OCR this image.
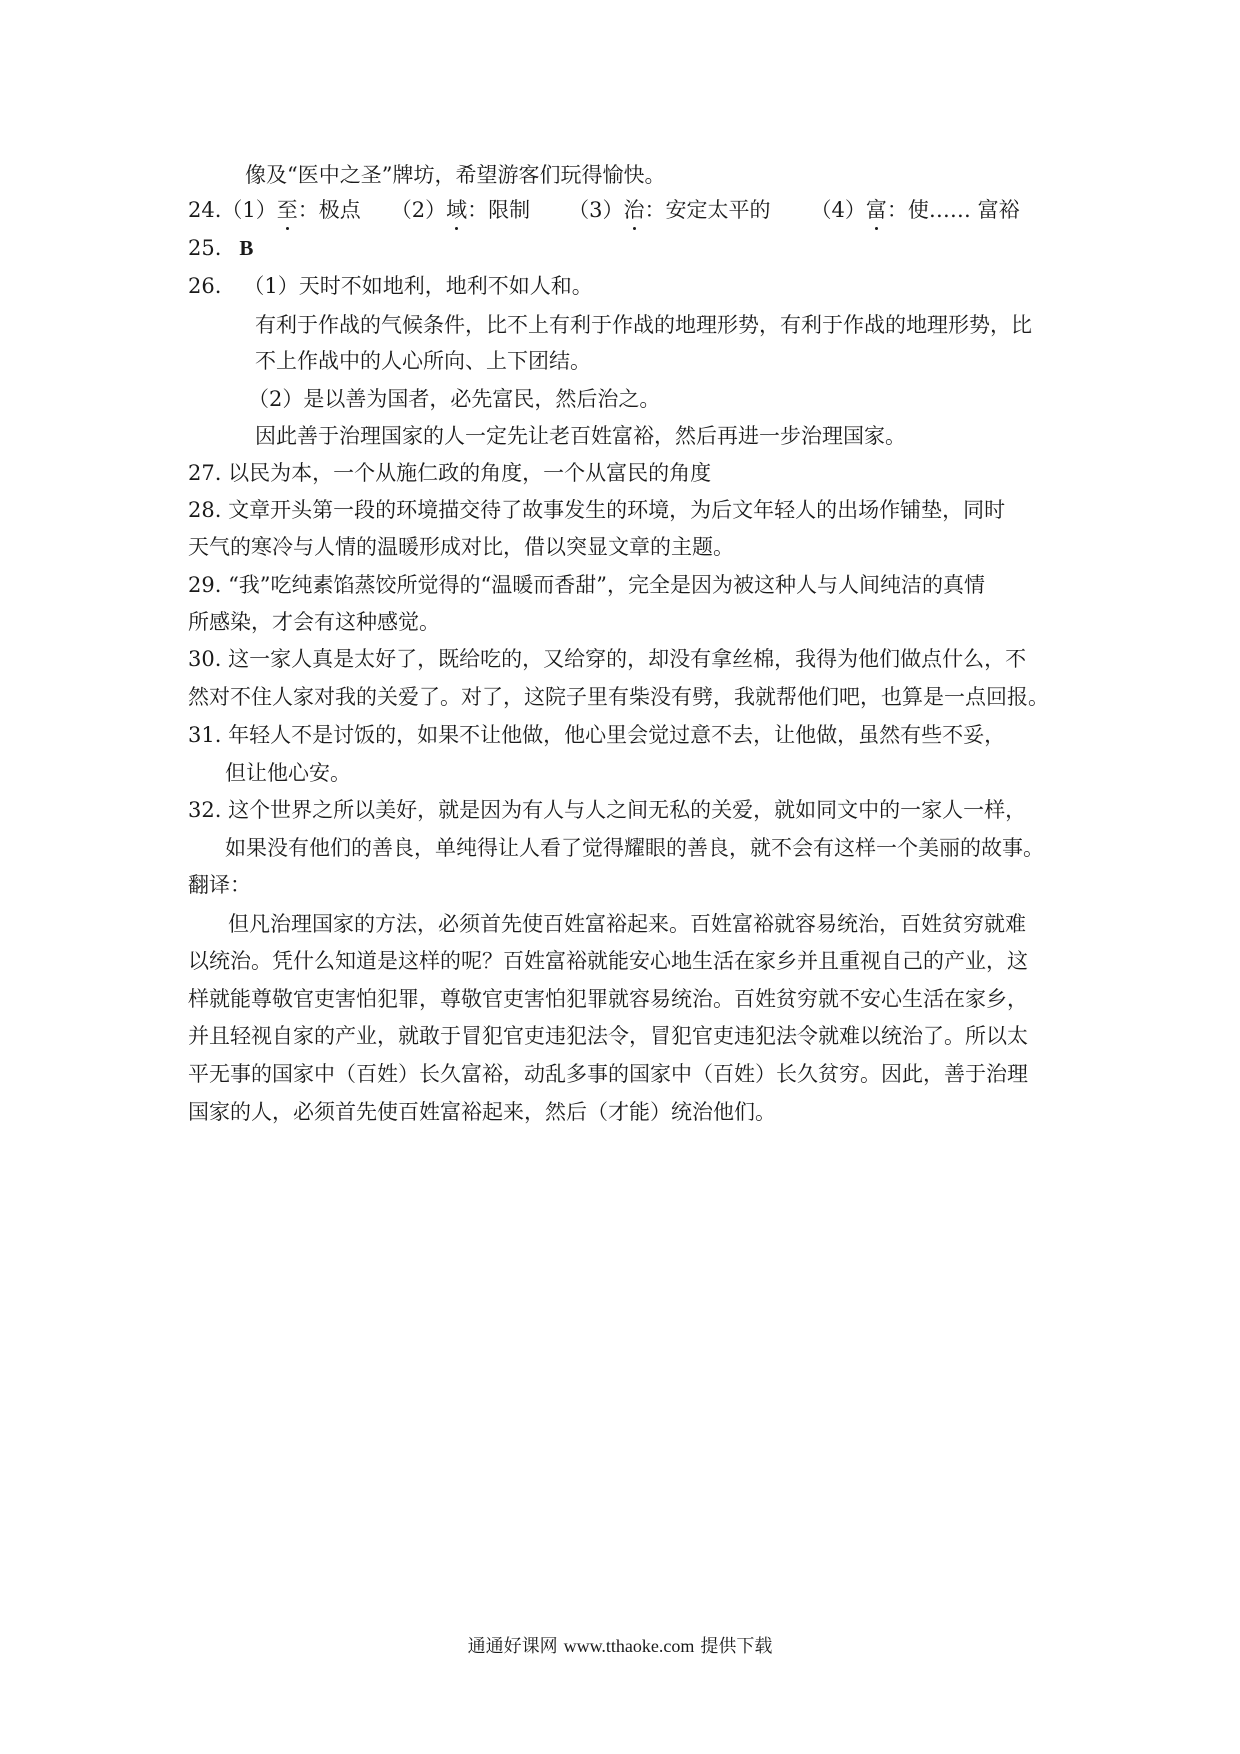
像及“医中之圣”牌坊，希望游客们玩得愉快。
24.（1）至：极点 （2）域：限制 （3）治：安定太平的 （4）富：使…… 富裕
25. B
26. （1）天时不如地利，地利不如人和。
有利于作战的气候条件，比不上有利于作战的地理形势，有利于作战的地理形势，比
不上作战中的人心所向、上下团结。
（2）是以善为国者，必先富民，然后治之。
因此善于治理国家的人一定先让老百姓富裕，然后再进一步治理国家。
27. 以民为本，一个从施仁政的角度，一个从富民的角度
28. 文章开头第一段的环境描交待了故事发生的环境，为后文年轻人的出场作铺垫，同时
天气的寒冷与人情的温暖形成对比，借以突显文章的主题。
29. “我”吃纯素馅蒸饺所觉得的“温暖而香甜”，完全是因为被这种人与人间纯洁的真情
所感染，才会有这种感觉。
30. 这一家人真是太好了，既给吃的，又给穿的，却没有拿丝棉，我得为他们做点什么，不
然对不住人家对我的关爱了。对了，这院子里有柴没有劈，我就帮他们吧，也算是一点回报。
31. 年轻人不是讨饭的，如果不让他做，他心里会觉过意不去，让他做，虽然有些不妥，
但让他心安。
32. 这个世界之所以美好，就是因为有人与人之间无私的关爱，就如同文中的一家人一样，
如果没有他们的善良，单纯得让人看了觉得耀眼的善良，就不会有这样一个美丽的故事。
翻译：
但凡治理国家的方法，必须首先使百姓富裕起来。百姓富裕就容易统治，百姓贫穷就难
以统治。凭什么知道是这样的呢？百姓富裕就能安心地生活在家乡并且重视自己的产业，这
样就能尊敬官吏害怕犯罪，尊敬官吏害怕犯罪就容易统治。百姓贫穷就不安心生活在家乡，
并且轻视自家的产业，就敢于冒犯官吏违犯法令，冒犯官吏违犯法令就难以统治了。所以太
平无事的国家中（百姓）长久富裕，动乱多事的国家中（百姓）长久贫穷。因此，善于治理
国家的人，必须首先使百姓富裕起来，然后（才能）统治他们。
通通好课网 www.tthaoke.com 提供下载
